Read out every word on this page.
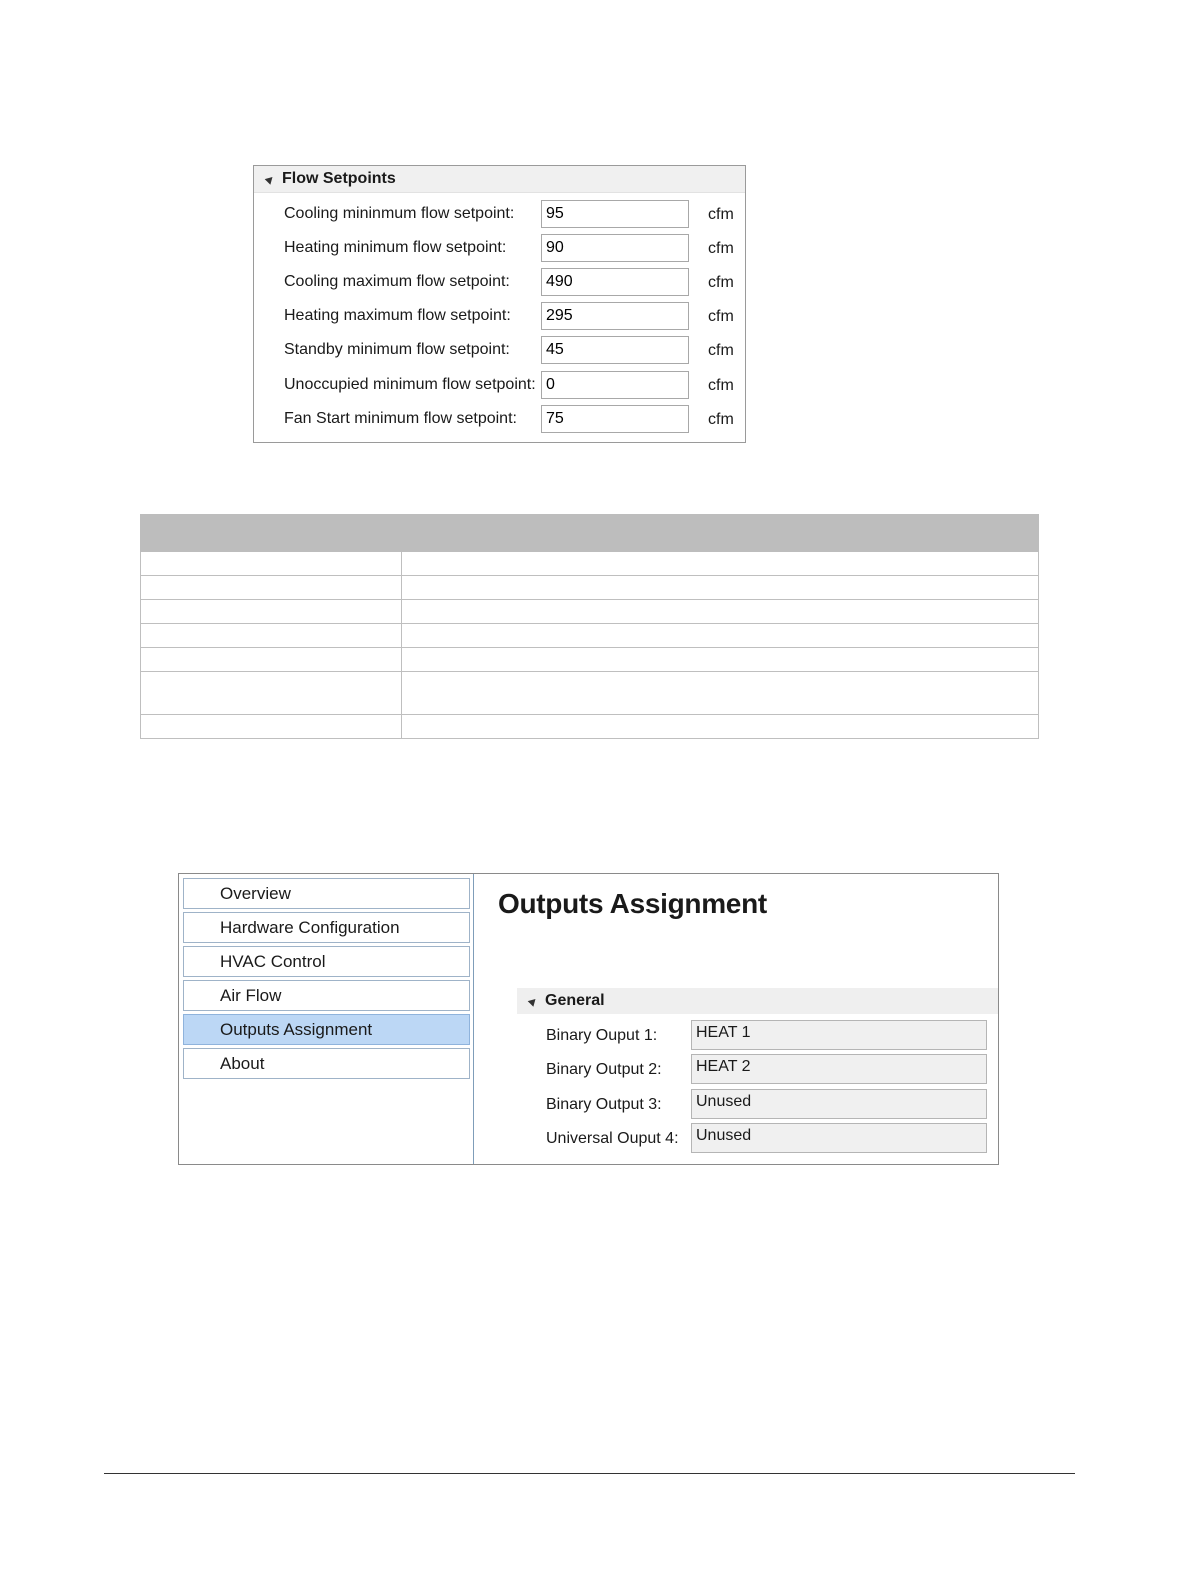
Flow Setpoints
Cooling mininmum flow setpoint:
95	cfm
Heating minimum flow setpoint:
90	cfm
Cooling maximum flow setpoint:
490	cfm
Heating maximum flow setpoint:
295	cfm
Standby minimum flow setpoint:
45	cfm
Unoccupied minimum flow setpoint:
0	cfm
Fan Start minimum flow setpoint:
75	cfm

Overview
Hardware Configuration
HVAC Control
Air Flow
Outputs Assignment
About
Outputs Assignment
General
Binary Ouput 1:	HEAT 1
Binary Output 2:	HEAT 2
Binary Output 3:	Unused
Universal Ouput 4:	Unused
